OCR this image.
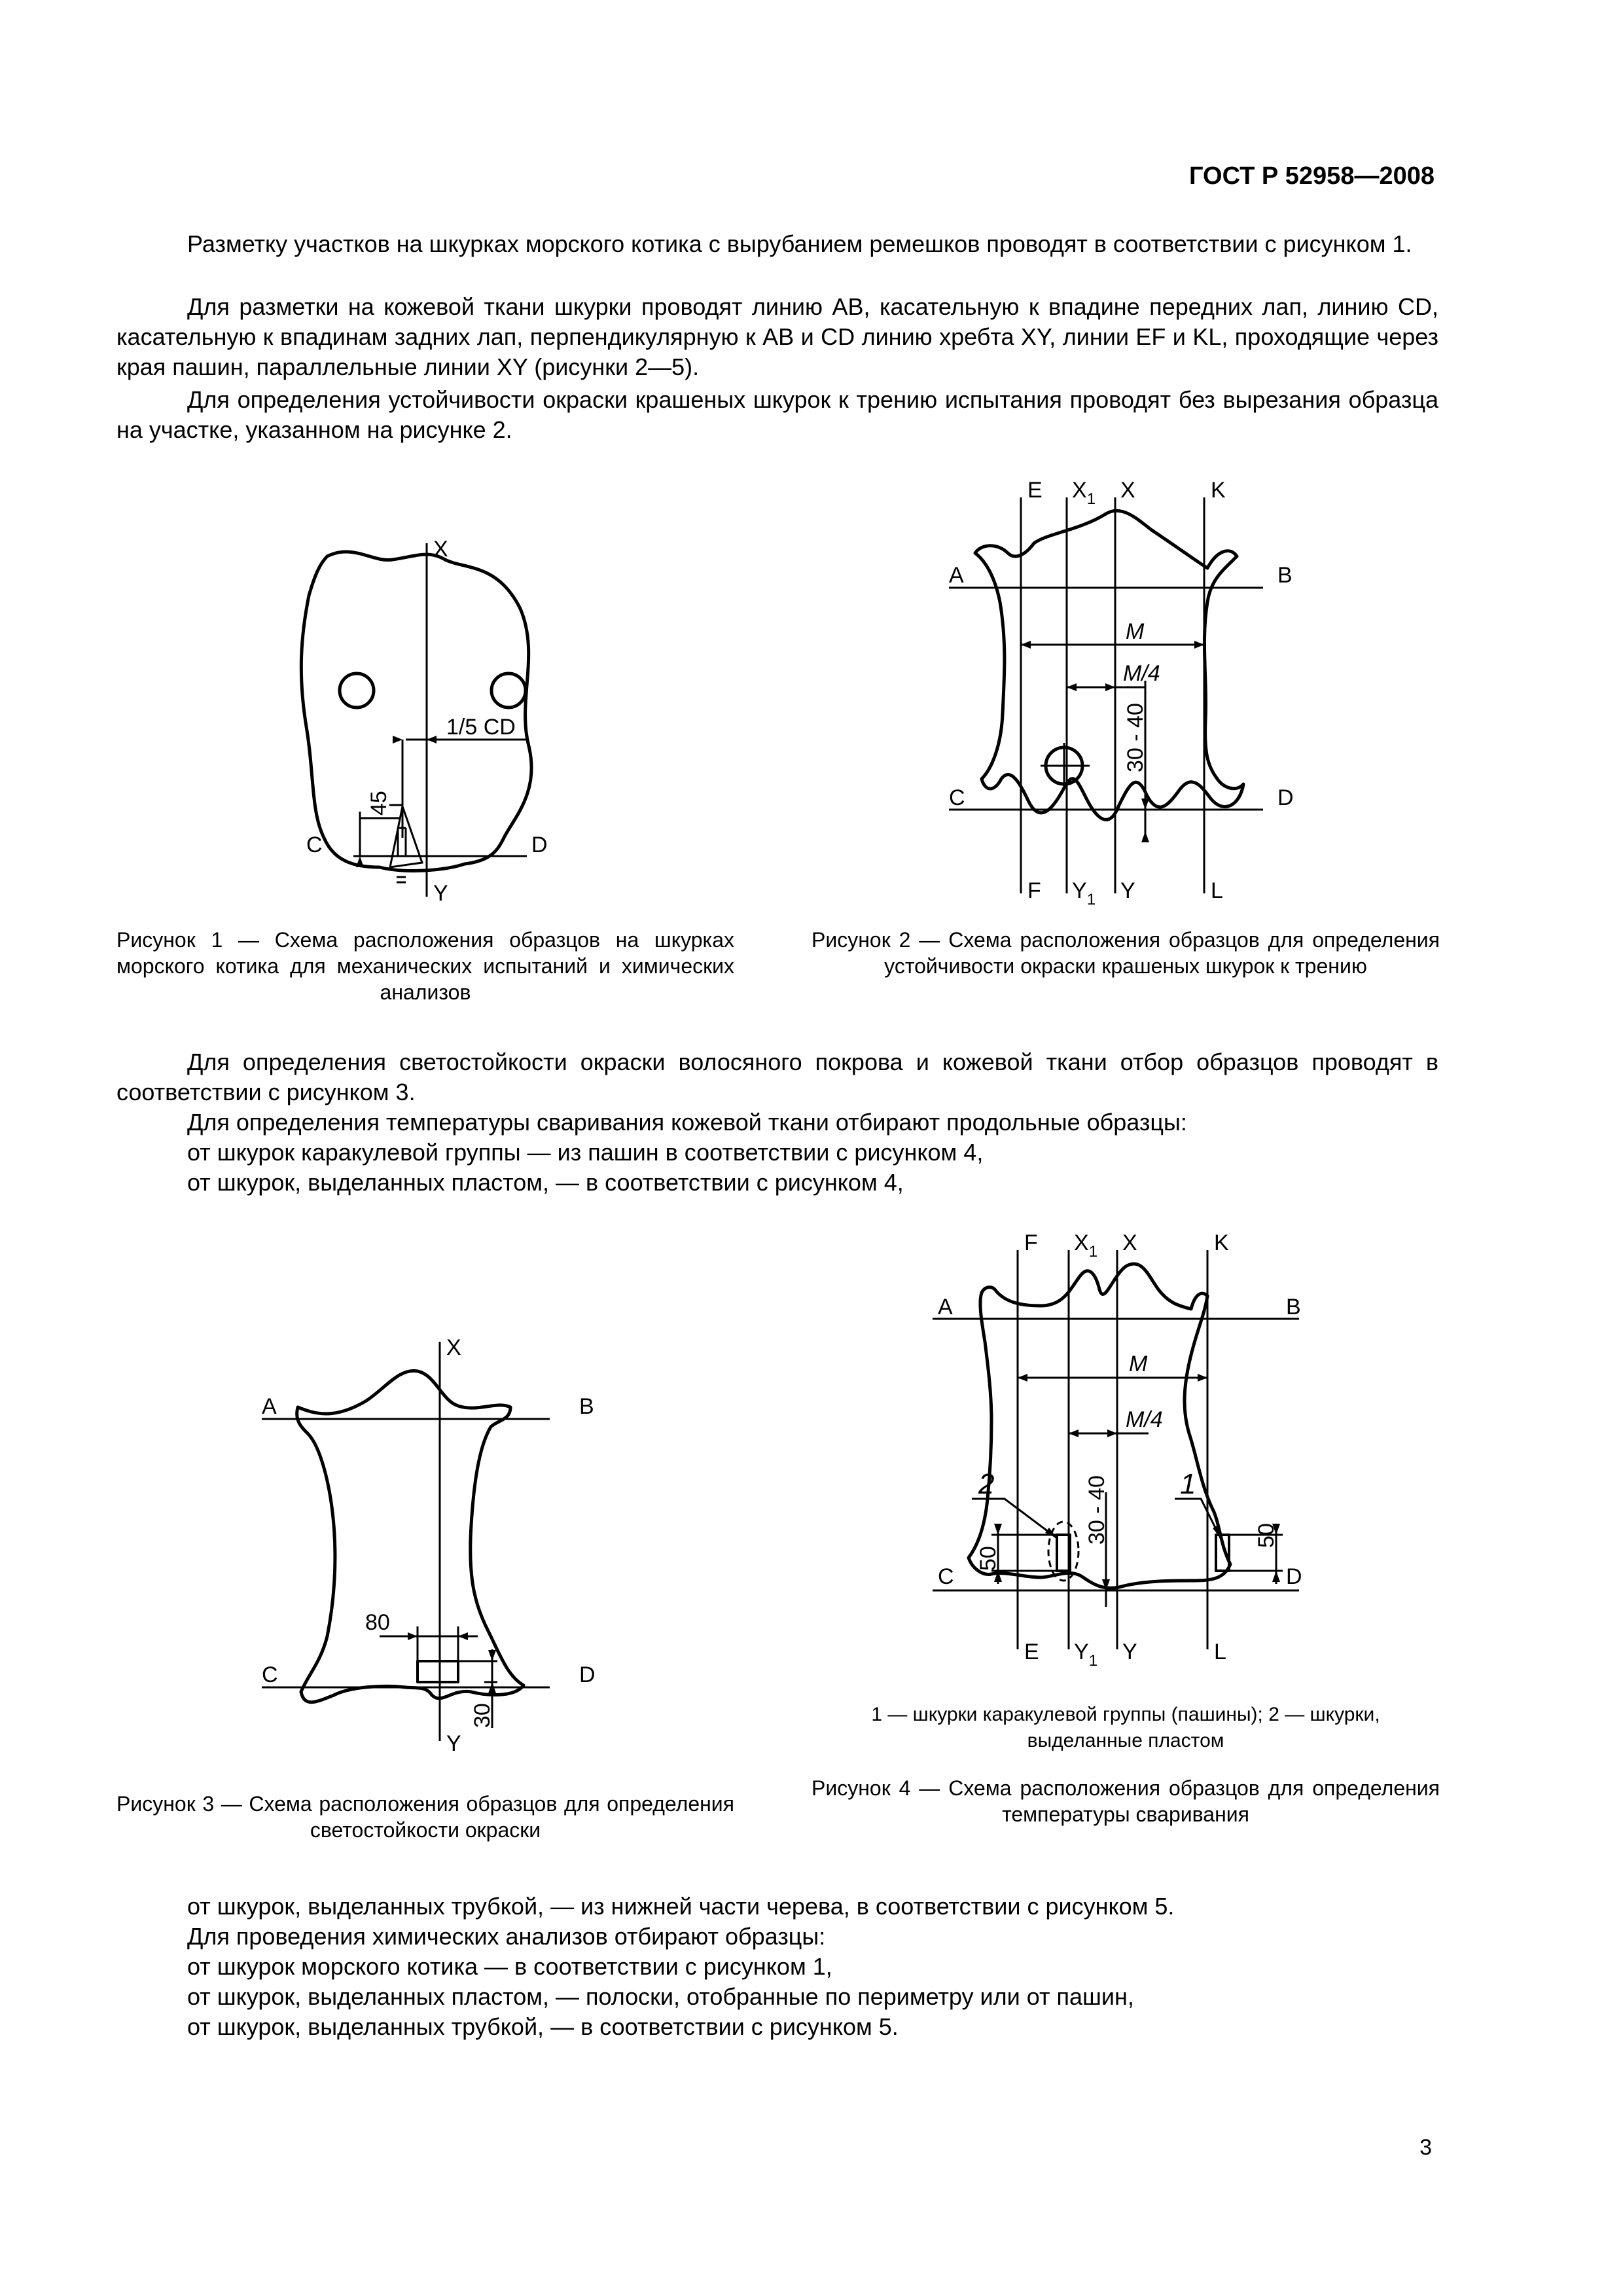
ГОСТ Р 52958—2008
Разметку участков на шкурках морского котика с вырубанием ремешков проводят в соответствии с рисунком 1.
Для разметки на кожевой ткани шкурки проводят линию AB, касательную к впадине передних лап, линию CD, касательную к впадинам задних лап, перпендикулярную к AB и CD линию хребта XY, линии EF и KL, проходящие через края пашин, параллельные линии XY (рисунки 2—5).
Для определения устойчивости окраски крашеных шкурок к трению испытания проводят без вырезания образца на участке, указанном на рисунке 2.
X
Y
C	D
1/5 CD
45
Рисунок 1 — Схема расположения образцов на шкурках морского котика для механических испытаний и химических анализов
E $X_1$ X	K
A	B
C	D
F $Y_1$ Y	L
M
M/4
30 - 40
Рисунок 2 — Схема расположения образцов для определения устойчивости окраски крашеных шкурок к трению
Для определения светостойкости окраски волосяного покрова и кожевой ткани отбор образцов проводят в соответствии с рисунком 3.
Для определения температуры сваривания кожевой ткани отбирают продольные образцы:
от шкурок каракулевой группы — из пашин в соответствии с рисунком 4,
от шкурок, выделанных пластом, — в соответствии с рисунком 4,
X
Y
A	B
C	D
80
30
Рисунок 3 — Схема расположения образцов для определения светостойкости окраски
F $X_1$ X	K
A	B
C	D
E $Y_1$ Y	L
M
M/4
30 - 40
50
50
2	1
1 — шкурки каракулевой группы (пашины); 2 — шкурки, выделанные пластом
Рисунок 4 — Схема расположения образцов для определения температуры сваривания
от шкурок, выделанных трубкой, — из нижней части черева, в соответствии с рисунком 5.
Для проведения химических анализов отбирают образцы:
от шкурок морского котика — в соответствии с рисунком 1,
от шкурок, выделанных пластом, — полоски, отобранные по периметру или от пашин,
от шкурок, выделанных трубкой, — в соответствии с рисунком 5.
3
